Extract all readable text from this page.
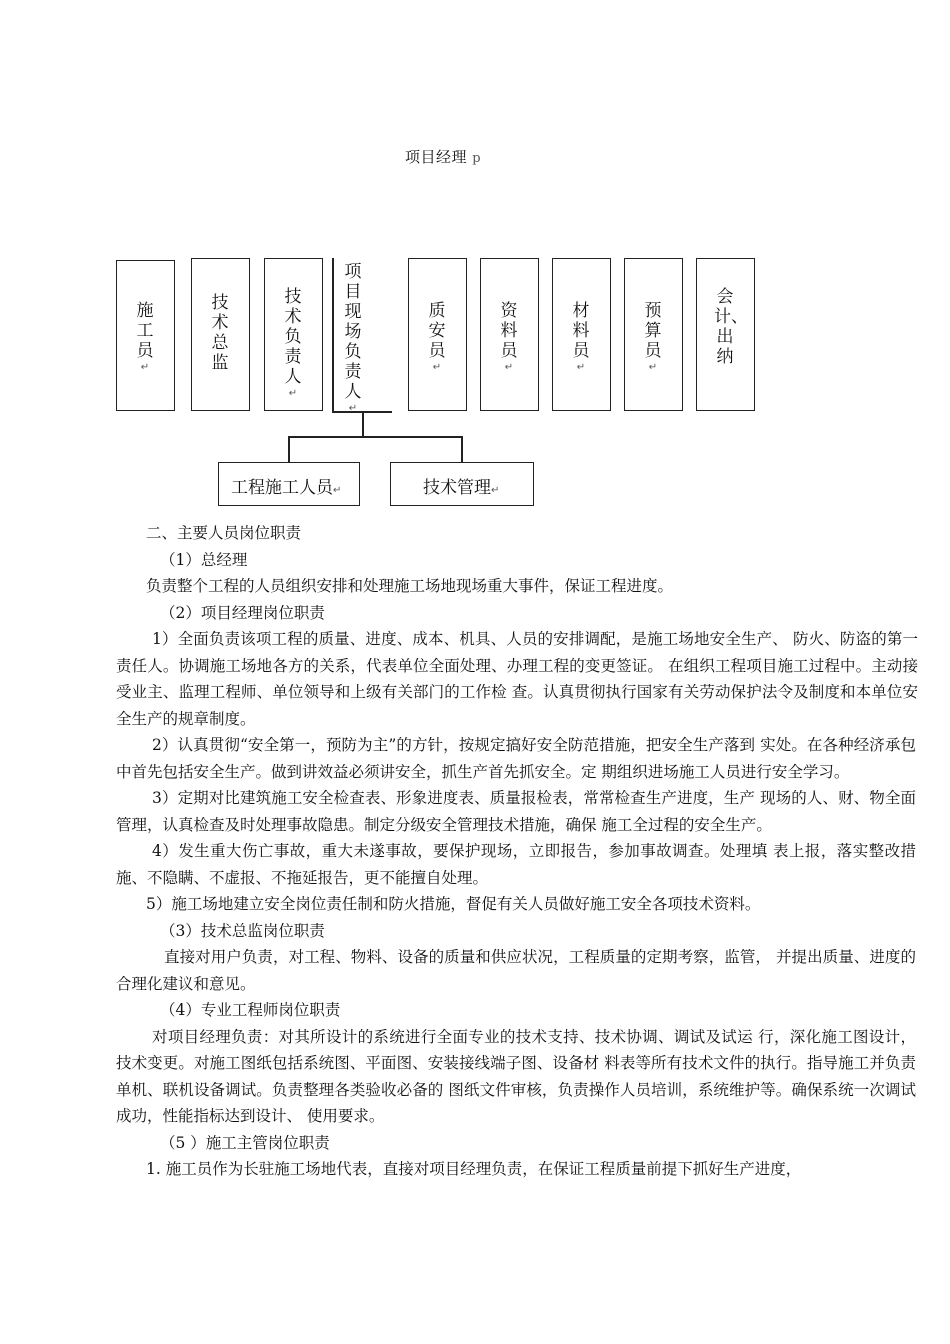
项目经理 p
施工员
↵
技术总监
技术负责人
↵
项目现场负责人
↵
质安员
↵
资料员
↵
材料员
↵
预算员
↵
会计、出纳
工程施工人员↵	技术管理↵

二、主要人员岗位职责

（1）总经理

负责整个工程的人员组织安排和处理施工场地现场重大事件，保证工程进度。

（2）项目经理岗位职责

1）全面负责该项工程的质量、进度、成本、机具、人员的安排调配，是施工场地安全生产、 防火、防盗的第一责任人。协调施工场地各方的关系，代表单位全面处理、办理工程的变更签证。 在组织工程项目施工过程中。主动接受业主、监理工程师、单位领导和上级有关部门的工作检 查。认真贯彻执行国家有关劳动保护法令及制度和本单位安全生产的规章制度。

2）认真贯彻“安全第一，预防为主”的方针，按规定搞好安全防范措施，把安全生产落到 实处。在各种经济承包中首先包括安全生产。做到讲效益必须讲安全，抓生产首先抓安全。定 期组织进场施工人员进行安全学习。

3）定期对比建筑施工安全检查表、形象进度表、质量报检表，常常检查生产进度，生产 现场的人、财、物全面管理，认真检查及时处理事故隐患。制定分级安全管理技术措施，确保 施工全过程的安全生产。

4）发生重大伤亡事故，重大未遂事故，要保护现场，立即报告，参加事故调查。处理填 表上报，落实整改措施、不隐瞒、不虚报、不拖延报告，更不能擅自处理。

5）施工场地建立安全岗位责任制和防火措施，督促有关人员做好施工安全各项技术资料。

（3）技术总监岗位职责

直接对用户负责，对工程、物料、设备的质量和供应状况，工程质量的定期考察，监管， 并提出质量、进度的合理化建议和意见。

（4）专业工程师岗位职责

对项目经理负责：对其所设计的系统进行全面专业的技术支持、技术协调、调试及试运 行，深化施工图设计，技术变更。对施工图纸包括系统图、平面图、安装接线端子图、设备材 料表等所有技术文件的执行。指导施工并负责单机、联机设备调试。负责整理各类验收必备的 图纸文件审核，负责操作人员培训，系统维护等。确保系统一次调试成功，性能指标达到设计、 使用要求。

（5 ）施工主管岗位职责

1. 施工员作为长驻施工场地代表，直接对项目经理负责，在保证工程质量前提下抓好生产进度，
